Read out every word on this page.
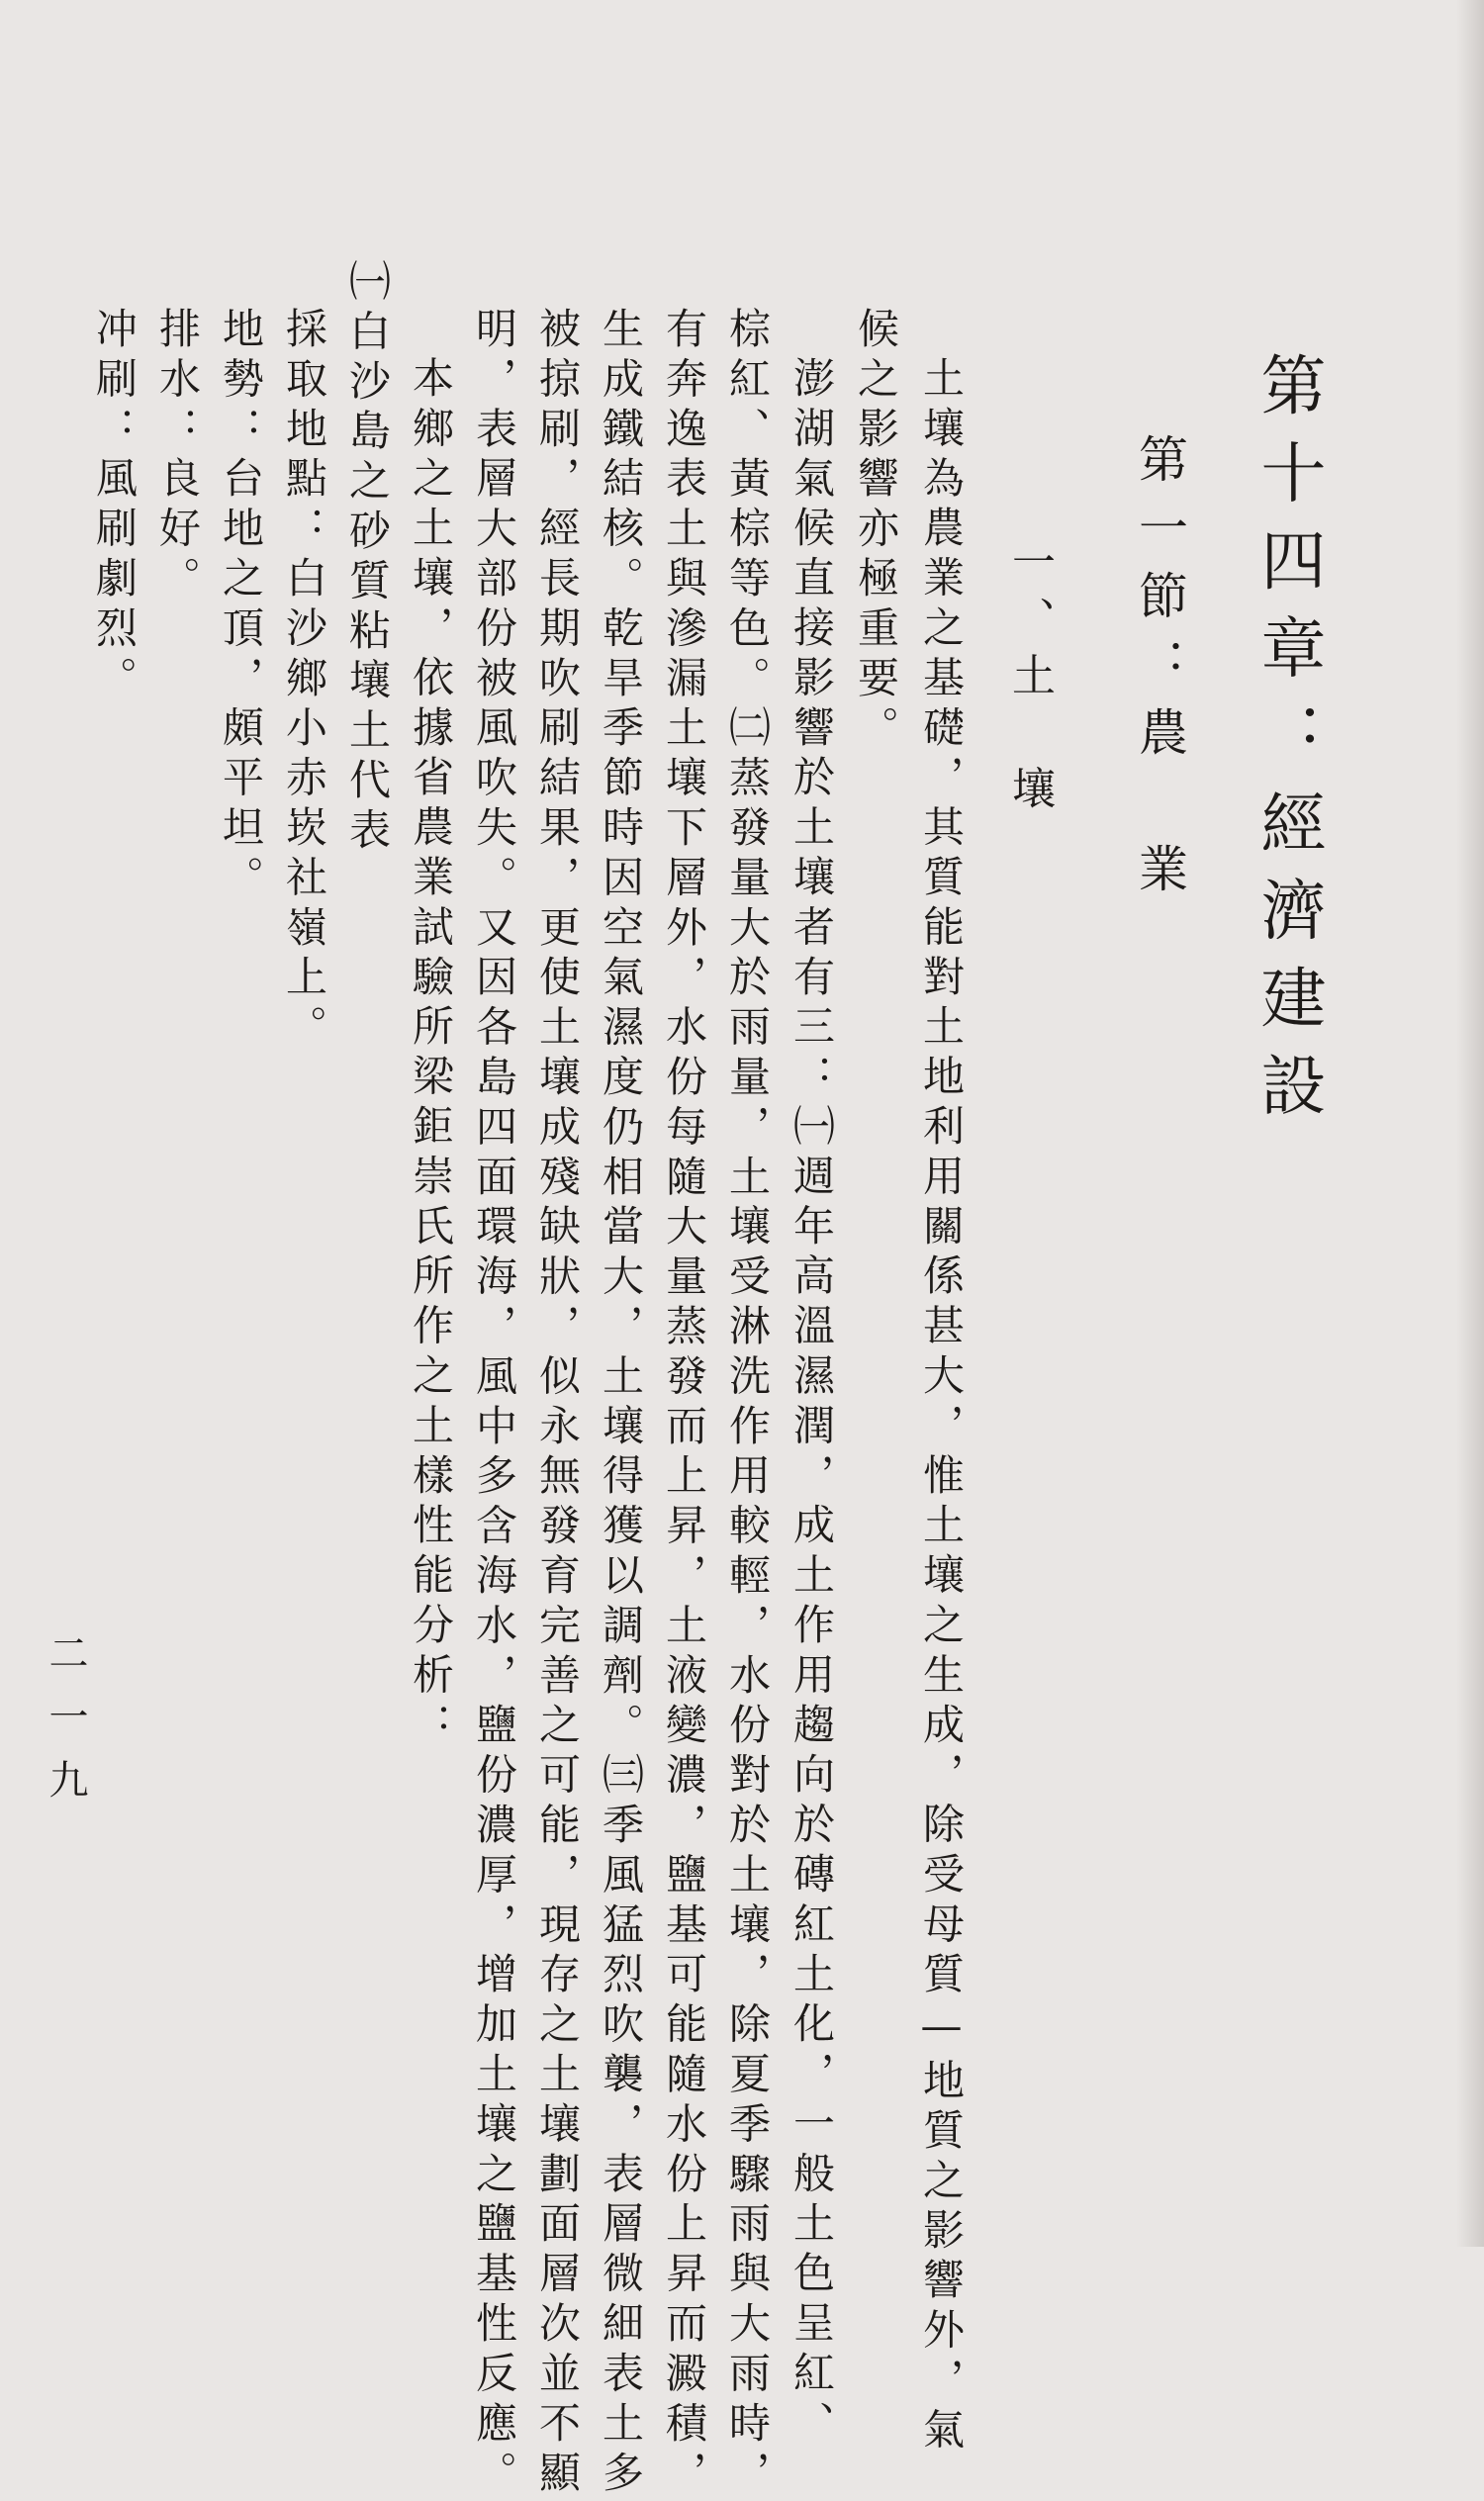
第十四章：經濟建設
第一節：農　業
一、土　壤
土壤為農業之基礎，其質能對土地利用關係甚大，惟土壤之生成，除受母質—地質之影響外，氣
候之影響亦極重要。
澎湖氣候直接影響於土壤者有三：㈠週年高溫濕潤，成土作用趨向於磚紅土化，一般土色呈紅、
棕紅、黃棕等色。㈡蒸發量大於雨量，土壤受淋洗作用較輕，水份對於土壤，除夏季驟雨與大雨時，
有奔逸表土與滲漏土壤下層外，水份每隨大量蒸發而上昇，土液變濃，鹽基可能隨水份上昇而澱積，
生成鐵結核。乾旱季節時因空氣濕度仍相當大，土壤得獲以調劑。㈢季風猛烈吹襲，表層微細表土多
被掠刷，經長期吹刷結果，更使土壤成殘缺狀，似永無發育完善之可能，現存之土壤劃面層次並不顯
明，表層大部份被風吹失。又因各島四面環海，風中多含海水，鹽份濃厚，增加土壤之鹽基性反應。
本鄉之土壤，依據省農業試驗所梁鉅崇氏所作之土樣性能分析：
㈠白沙島之砂質粘壤土代表
採取地點：白沙鄉小赤崁社嶺上。
地勢：台地之頂，頗平坦。
排水：良好。
冲刷：風刷劇烈。
二一九
